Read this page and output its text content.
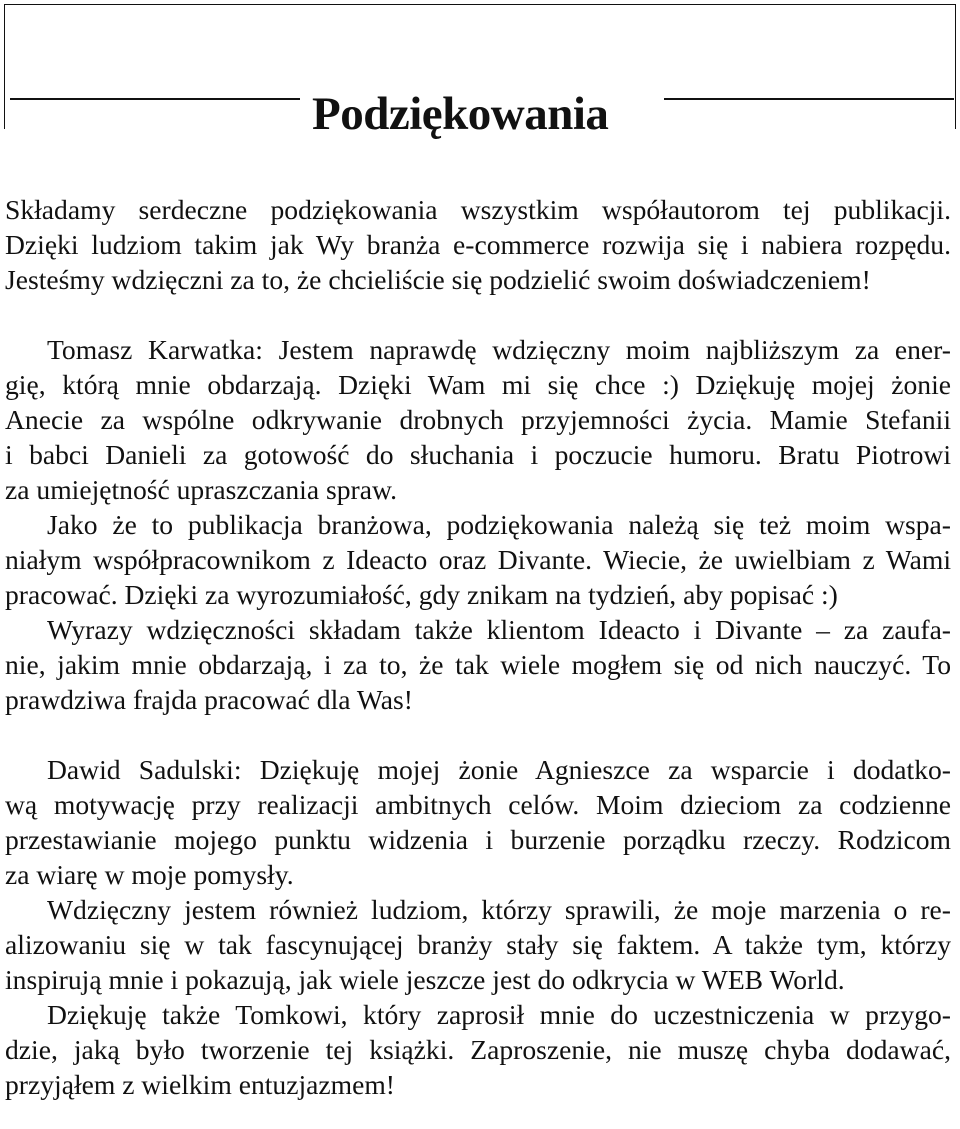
Podziękowania

Składamy serdeczne podziękowania wszystkim współautorom tej publikacji.
Dzięki ludziom takim jak Wy branża e-commerce rozwija się i nabiera rozpędu.
Jesteśmy wdzięczni za to, że chcieliście się podzielić swoim doświadczeniem!

Tomasz Karwatka: Jestem naprawdę wdzięczny moim najbliższym za ener-
gię, którą mnie obdarzają. Dzięki Wam mi się chce :) Dziękuję mojej żonie
Anecie za wspólne odkrywanie drobnych przyjemności życia. Mamie Stefanii
i babci Danieli za gotowość do słuchania i poczucie humoru. Bratu Piotrowi
za umiejętność upraszczania spraw.

Jako że to publikacja branżowa, podziękowania należą się też moim wspa-
niałym współpracownikom z Ideacto oraz Divante. Wiecie, że uwielbiam z Wami
pracować. Dzięki za wyrozumiałość, gdy znikam na tydzień, aby popisać :)

Wyrazy wdzięczności składam także klientom Ideacto i Divante – za zaufa-
nie, jakim mnie obdarzają, i za to, że tak wiele mogłem się od nich nauczyć. To
prawdziwa frajda pracować dla Was!

Dawid Sadulski: Dziękuję mojej żonie Agnieszce za wsparcie i dodatko-
wą motywację przy realizacji ambitnych celów. Moim dzieciom za codzienne
przestawianie mojego punktu widzenia i burzenie porządku rzeczy. Rodzicom
za wiarę w moje pomysły.

Wdzięczny jestem również ludziom, którzy sprawili, że moje marzenia o re-
alizowaniu się w tak fascynującej branży stały się faktem. A także tym, którzy
inspirują mnie i pokazują, jak wiele jeszcze jest do odkrycia w WEB World.

Dziękuję także Tomkowi, który zaprosił mnie do uczestniczenia w przygo-
dzie, jaką było tworzenie tej książki. Zaproszenie, nie muszę chyba dodawać,
przyjąłem z wielkim entuzjazmem!
